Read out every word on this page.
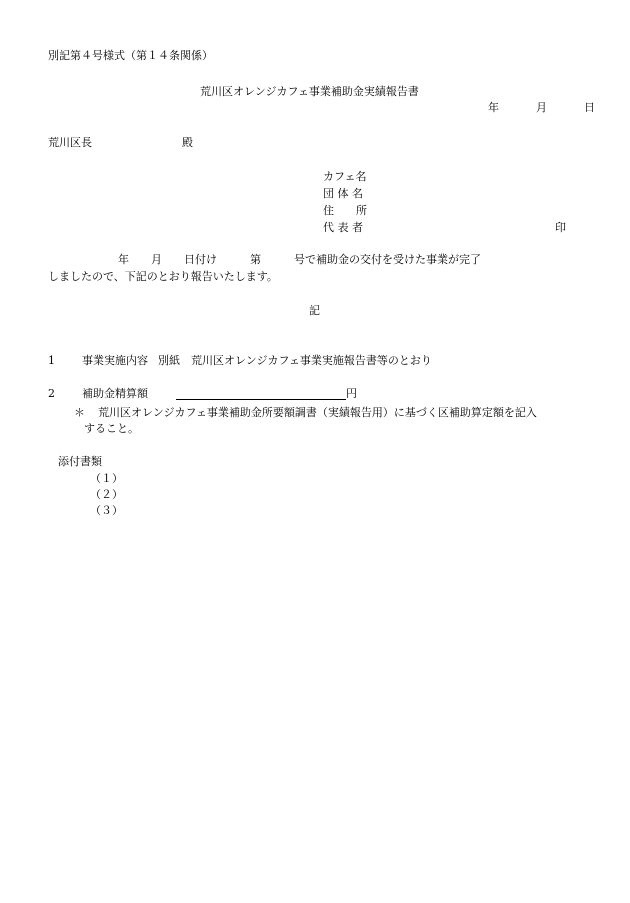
別記第４号様式（第１４条関係）
荒川区オレンジカフェ事業補助金実績報告書
年	月	日
荒川区長	殿
カフェ名
団 体 名
住　　所
代 表 者	印
年　　月　　日付け　　　第　　　号で補助金の交付を受けた事業が完了
しましたので、下記のとおり報告いたします。
記
1 事業実施内容 別紙　荒川区オレンジカフェ事業実施報告書等のとおり
2 補助金精算額	円
＊ 荒川区オレンジカフェ事業補助金所要額調書（実績報告用）に基づく区補助算定額を記入
すること。
添付書類
（１）
（２）
（３）
